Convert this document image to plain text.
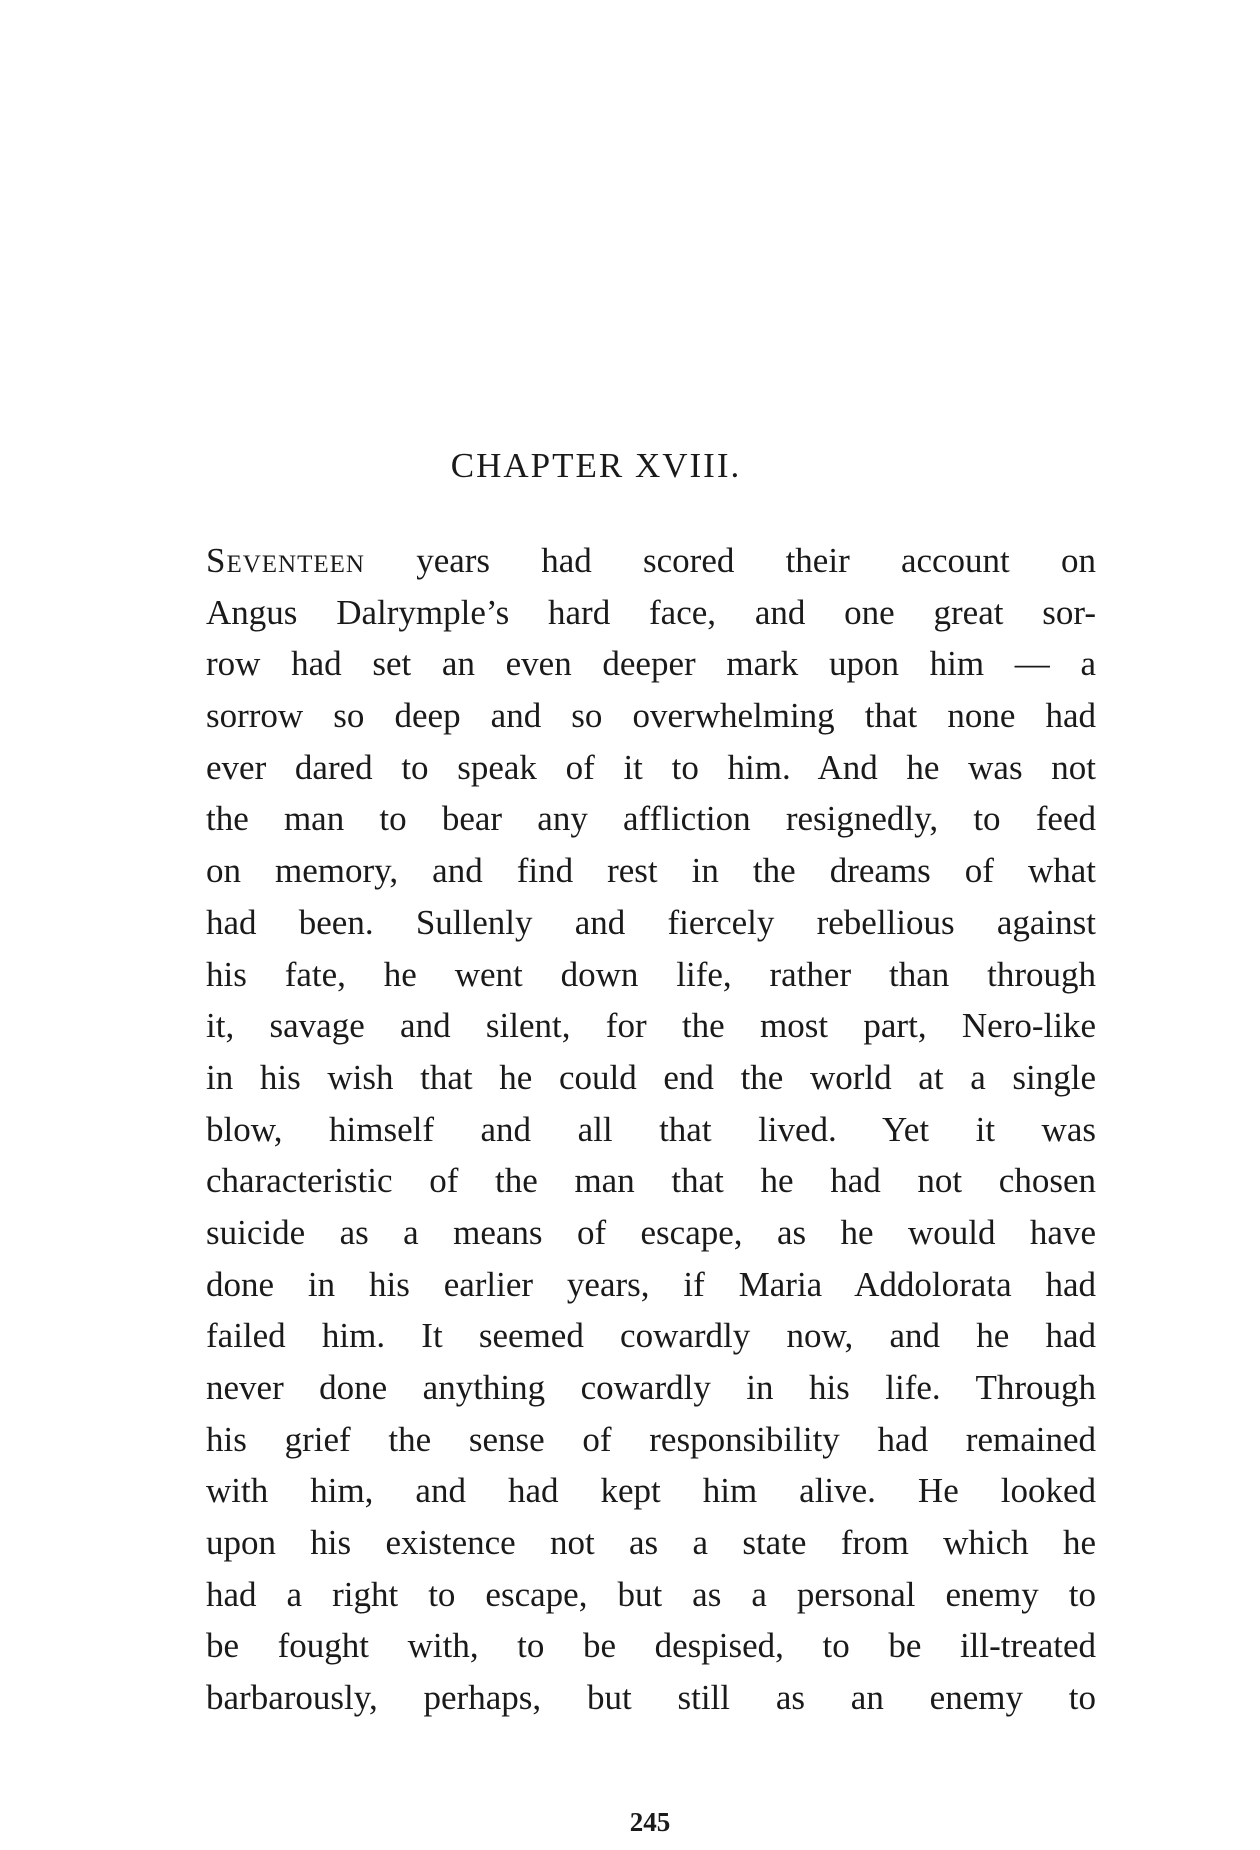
CHAPTER XVIII.
Seventeen years had scored their account on
Angus Dalrymple’s hard face, and one great sor-
row had set an even deeper mark upon him — a
sorrow so deep and so overwhelming that none had
ever dared to speak of it to him. And he was not
the man to bear any affliction resignedly, to feed
on memory, and find rest in the dreams of what
had been. Sullenly and fiercely rebellious against
his fate, he went down life, rather than through
it, savage and silent, for the most part, Nero-like
in his wish that he could end the world at a single
blow, himself and all that lived. Yet it was
characteristic of the man that he had not chosen
suicide as a means of escape, as he would have
done in his earlier years, if Maria Addolorata had
failed him. It seemed cowardly now, and he had
never done anything cowardly in his life. Through
his grief the sense of responsibility had remained
with him, and had kept him alive. He looked
upon his existence not as a state from which he
had a right to escape, but as a personal enemy to
be fought with, to be despised, to be ill-treated
barbarously, perhaps, but still as an enemy to
245
